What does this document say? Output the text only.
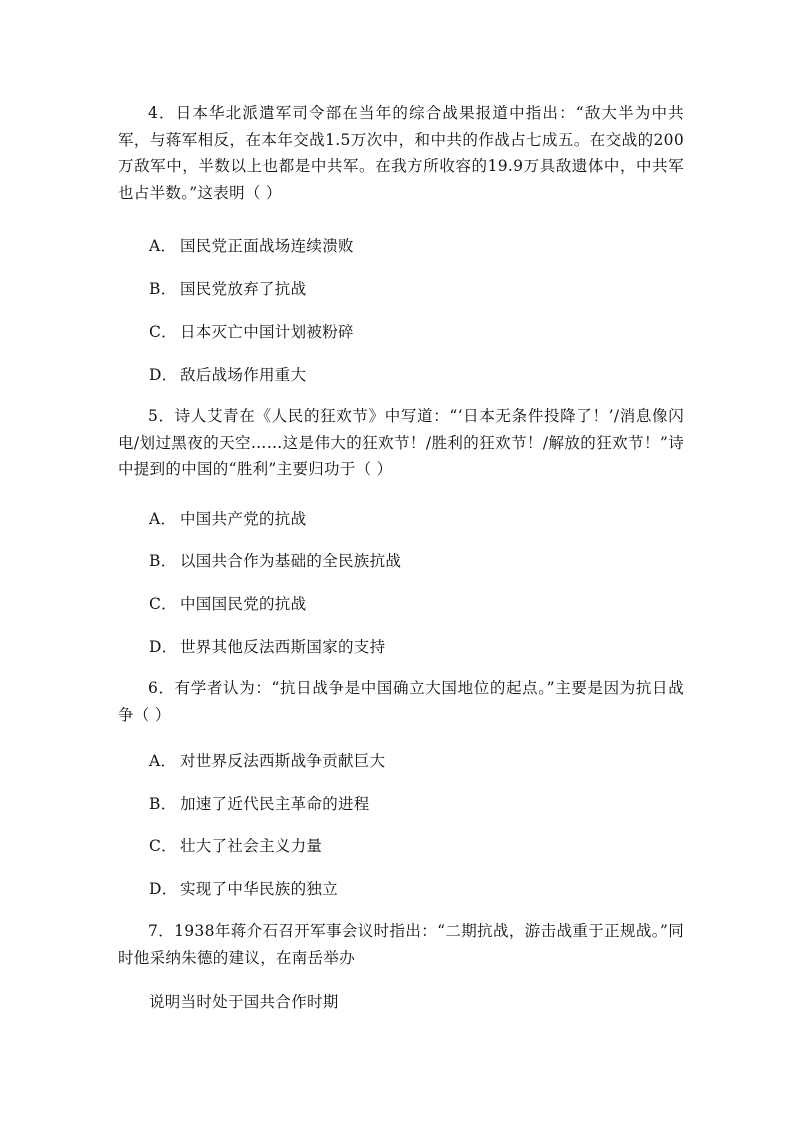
4．日本华北派遣军司令部在当年的综合战果报道中指出：“敌大半为中共军，与蒋军相反，在本年交战1.5万次中，和中共的作战占七成五。在交战的200万敌军中，半数以上也都是中共军。在我方所收容的19.9万具敌遗体中，中共军也占半数。”这表明（ ）
A． 国民党正面战场连续溃败
B． 国民党放弃了抗战
C． 日本灭亡中国计划被粉碎
D． 敌后战场作用重大
5．诗人艾青在《人民的狂欢节》中写道：“‘日本无条件投降了！’/消息像闪电/划过黑夜的天空……这是伟大的狂欢节！/胜利的狂欢节！/解放的狂欢节！”诗中提到的中国的“胜利”主要归功于（ ）
A． 中国共产党的抗战
B． 以国共合作为基础的全民族抗战
C． 中国国民党的抗战
D． 世界其他反法西斯国家的支持
6．有学者认为：“抗日战争是中国确立大国地位的起点。”主要是因为抗日战争（ ）
A． 对世界反法西斯战争贡献巨大
B． 加速了近代民主革命的进程
C． 壮大了社会主义力量
D． 实现了中华民族的独立
7．1938年蒋介石召开军事会议时指出：“二期抗战，游击战重于正规战。”同时他采纳朱德的建议，在南岳举办
说明当时处于国共合作时期
